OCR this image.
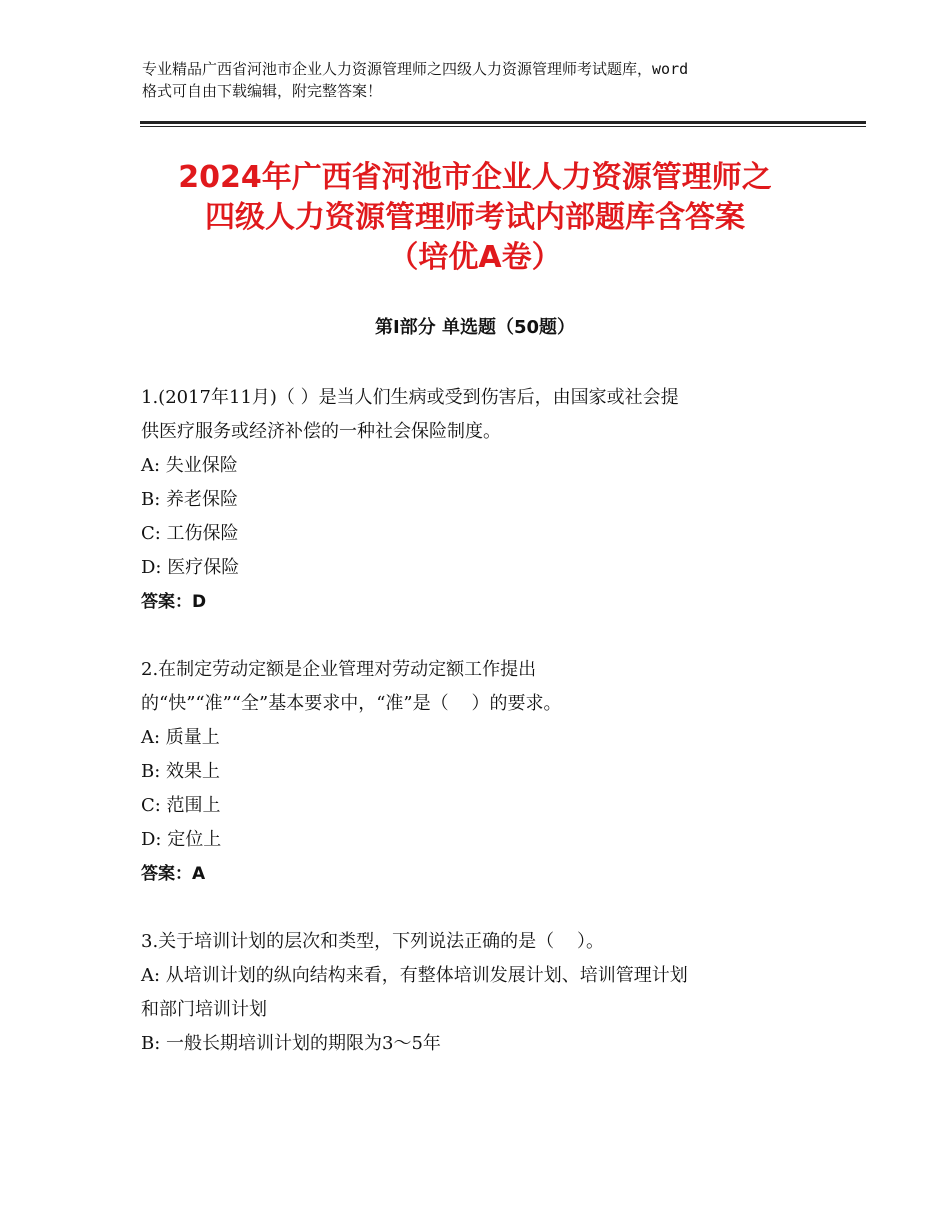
专业精品广西省河池市企业人力资源管理师之四级人力资源管理师考试题库，word
格式可自由下载编辑，附完整答案！
2024年广西省河池市企业人力资源管理师之
四级人力资源管理师考试内部题库含答案
（培优A卷）
第Ⅰ部分 单选题（50题）
1.(2017年11月)（ ）是当人们生病或受到伤害后，由国家或社会提
供医疗服务或经济补偿的一种社会保险制度。
A: 失业保险
B: 养老保险
C: 工伤保险
D: 医疗保险
答案：D
2.在制定劳动定额是企业管理对劳动定额工作提出
的“快”“准”“全”基本要求中，“准”是（    ）的要求。
A: 质量上
B: 效果上
C: 范围上
D: 定位上
答案：A
3.关于培训计划的层次和类型，下列说法正确的是（    ）。
A: 从培训计划的纵向结构来看，有整体培训发展计划、培训管理计划
和部门培训计划
B: 一般长期培训计划的期限为3～5年
